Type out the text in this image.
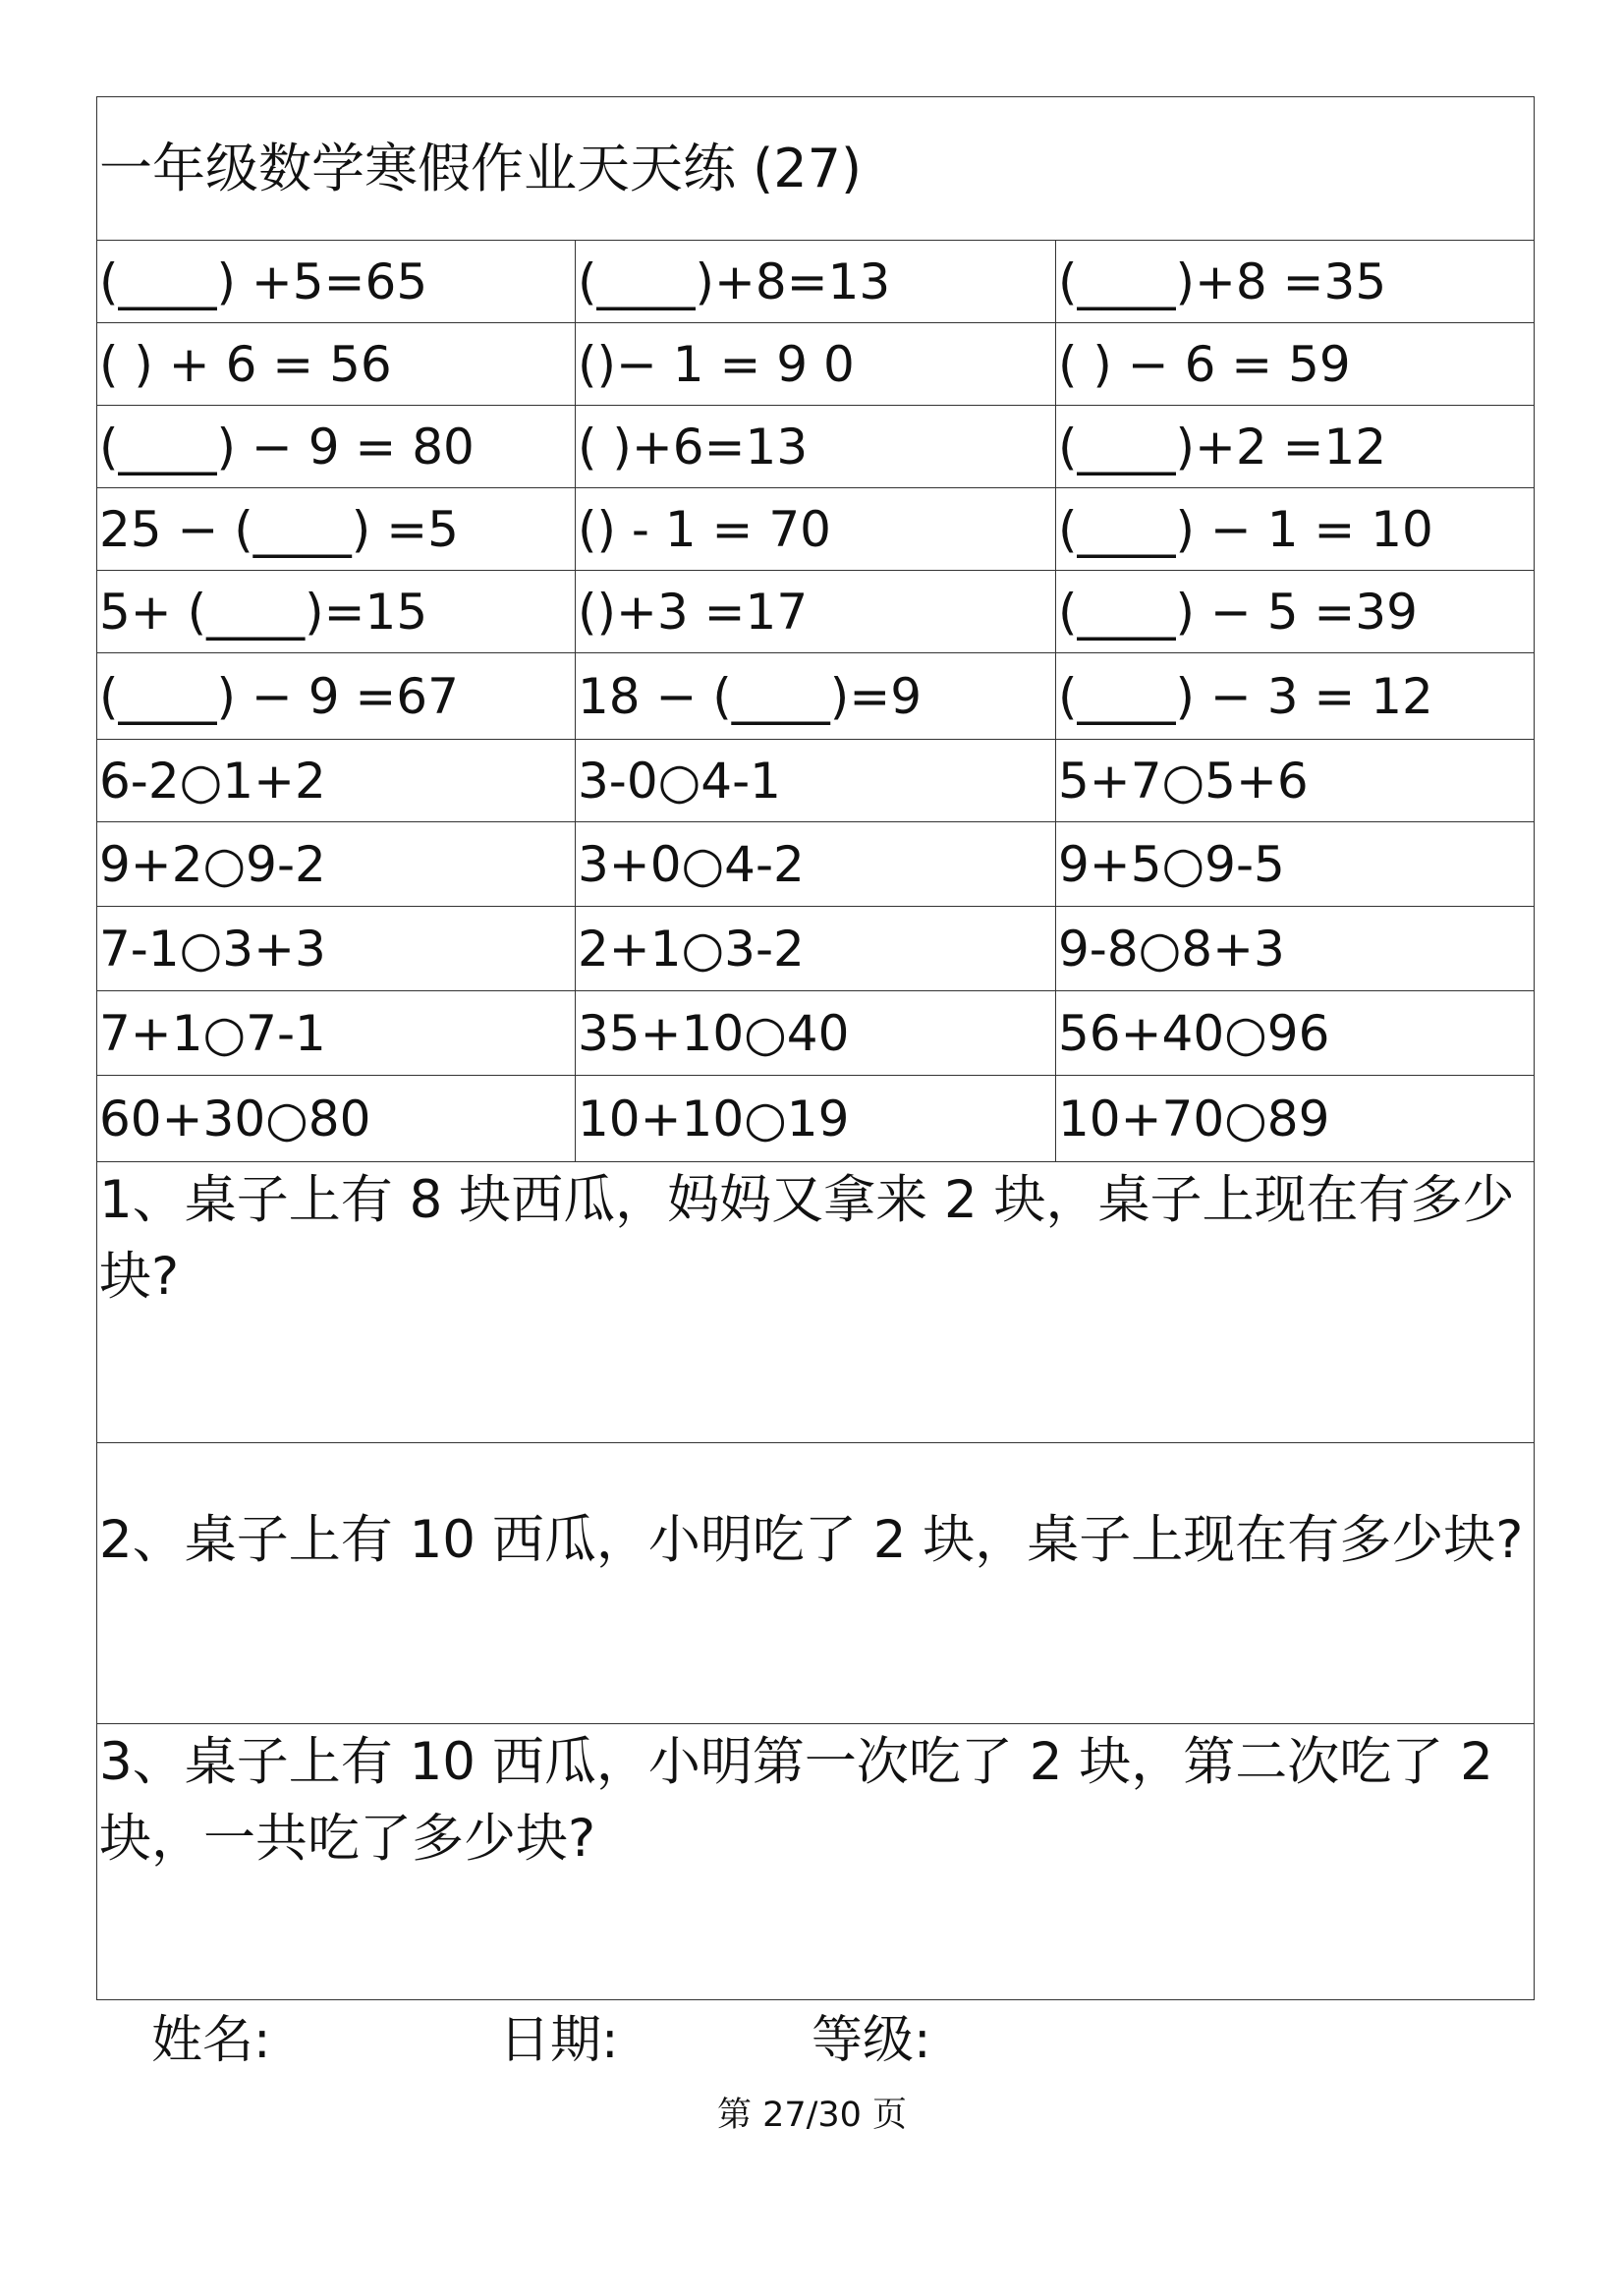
一年级数学寒假作业天天练 (27)
(____) +5=65	(____)+8=13	(____)+8 =35
( ) + 6 = 56	()− 1 = 9 0	( ) − 6 = 59
(____) − 9 = 80	( )+6=13	(____)+2 =12
25 − (____) =5	() - 1 = 70	(____) − 1 = 10
5+ (____)=15	()+3 =17	(____) − 5 =39
(____) − 9 =67	18 − (____)=9	(____) − 3 = 12
6-2○1+2	3-0○4-1	5+7○5+6
9+2○9-2	3+0○4-2	9+5○9-5
7-1○3+3	2+1○3-2	9-8○8+3
7+1○7-1	35+10○40	56+40○96
60+30○80	10+10○19	10+70○89

1、桌子上有 8 块西瓜，妈妈又拿来 2 块，桌子上现在有多少块?

2、桌子上有 10 西瓜，小明吃了 2 块，桌子上现在有多少块?

3、桌子上有 10 西瓜，小明第一次吃了 2 块，第二次吃了 2 块，一共吃了多少块?

姓名:	日期:	等级:
第 27/30 页
